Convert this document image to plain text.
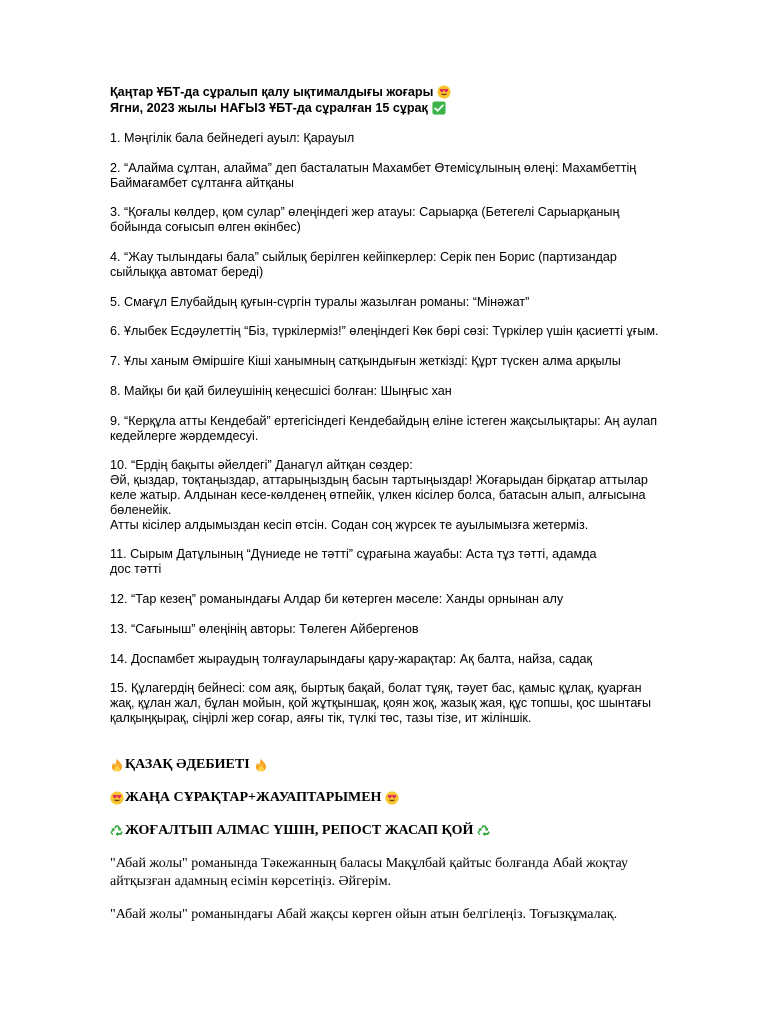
Қаңтар ҰБТ-да сұралып қалу ықтималдығы жоғары
Ягни, 2023 жылы НАҒЫЗ ҰБТ-да сұралған 15 сұрақ

1. Мәңгілік бала бейнедегі ауыл: Қарауыл

2. “Алайма сұлтан, алайма” деп басталатын Махамбет Өтемісұлының өлеңі: Махамбеттің
Баймағамбет сұлтанға айтқаны

3. “Қоғалы көлдер, қом сулар” өлеңіндегі жер атауы: Сарыарқа (Бетегелі Сарыарқаның
бойында соғысып өлген өкінбес)

4. “Жау тылындағы бала” сыйлық берілген кейіпкерлер: Серік пен Борис (партизандар
сыйлыққа автомат береді)

5. Смағұл Елубайдың қуғын-сүргін туралы жазылған романы: “Мінәжат”

6. Ұлыбек Есдәулеттің “Біз, түркілерміз!” өлеңіндегі Көк бөрі сөзі: Түркілер үшін қасиетті ұғым.

7. Ұлы ханым Әміршіге Кіші ханымның сатқындығын жеткізді: Құрт түскен алма арқылы

8. Майқы би қай билеушінің кеңесшісі болған: Шыңғыс хан

9. “Керқұла атты Кендебай” ертегісіндегі Кендебайдың еліне істеген жақсылықтары: Аң аулап
кедейлерге жәрдемдесуі.

10. “Ердің бақыты әйелдегі” Данагүл айтқан сөздер:
Әй, қыздар, тоқтаңыздар, аттарыңыздың басын тартыңыздар! Жоғарыдан бірқатар аттылар
келе жатыр. Алдынан кесе-көлденең өтпейік, үлкен кісілер болса, батасын алып, алғысына
бөленейік.
Атты кісілер алдымыздан кесіп өтсін. Содан соң жүрсек те ауылымызға жетерміз.

11. Сырым Датұлының “Дүниеде не тәтті” сұрағына жауабы: Аста тұз тәтті, адамда
дос тәтті

12. “Тар кезең” романындағы Алдар би көтерген мәселе: Ханды орнынан алу

13. “Сағыныш” өлеңінің авторы: Төлеген Айбергенов

14. Доспамбет жыраудың толғауларындағы қару-жарақтар: Ақ балта, найза, садақ

15. Құлагердің бейнесі: сом аяқ, быртық бақай, болат тұяқ, тәует бас, қамыс құлақ, қуарған
жақ, құлан жал, бұлан мойын, қой жұтқыншақ, қоян жоқ, жазық жая, құс топшы, қос шынтағы
қалқыңқырақ, сіңірлі жер соғар, аяғы тік, түлкі төс, тазы тізе, ит жіліншік.

ҚАЗАҚ ӘДЕБИЕТІ
ЖАҢА СҰРАҚТАР+ЖАУАПТАРЫМЕН
ЖОҒАЛТЫП АЛМАС ҮШІН, РЕПОСТ ЖАСАП ҚОЙ

"Абай жолы" романында Тәкежанның баласы Мақұлбай қайтыс болғанда Абай жоқтау
айтқызған адамның есімін көрсетіңіз. Әйгерім.

"Абай жолы" романындағы Абай жақсы көрген ойын атын белгілеңіз. Тоғызқұмалақ.
